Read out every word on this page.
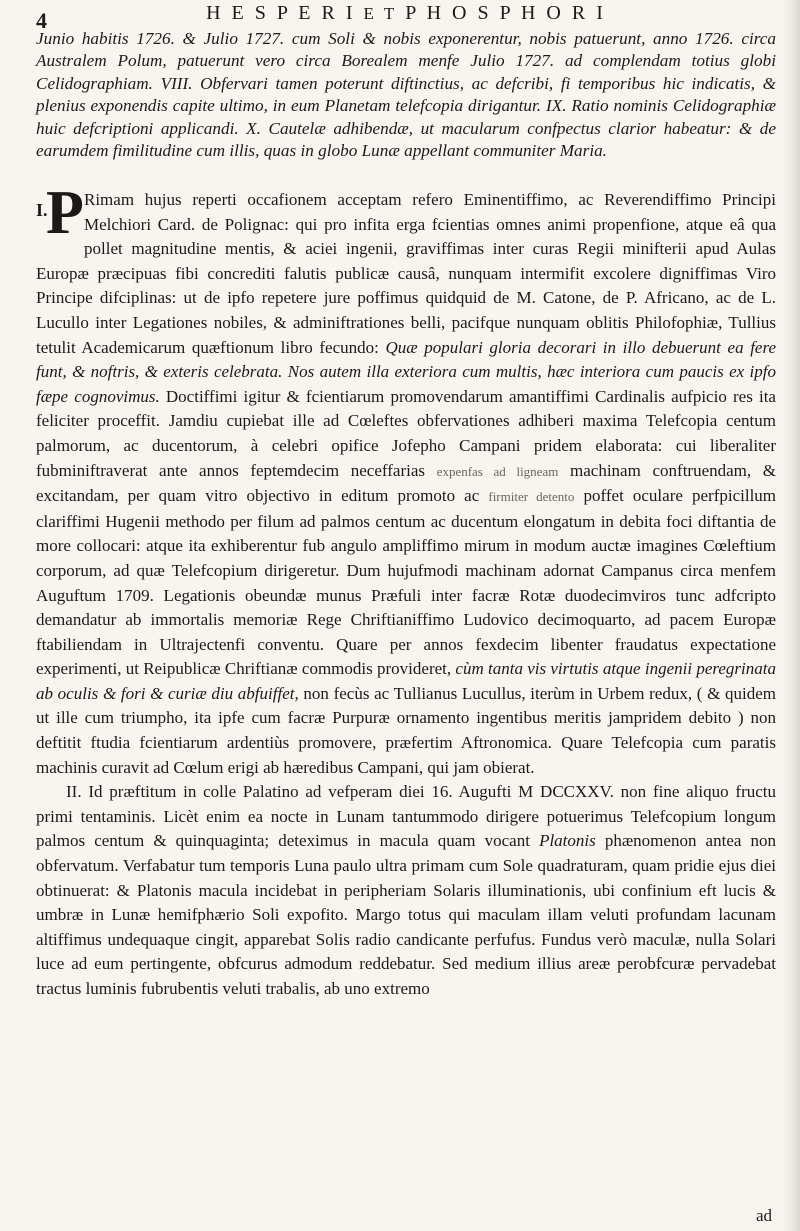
4	H E S P E R I E T P H O S P H O R I

Junio habitis 1726. & Julio 1727. cum Soli & nobis exponerentur, nobis patuerunt, anno 1726. circa Australem Polum, patuerunt vero circa Borealem menfe Julio 1727. ad complendam totius globi Celidographiam. VIII. Obfervari tamen poterunt diftinctius, ac defcribi, fi temporibus hic indicatis, & plenius exponendis capite ultimo, in eum Planetam telefcopia dirigantur. IX. Ratio nominis Celidographiæ huic defcriptioni applicandi. X. Cautelæ adhibendæ, ut macularum confpectus clarior habeatur: & de earumdem fimilitudine cum illis, quas in globo Lunæ appellant communiter Maria.

I.
P Rimam hujus reperti occafionem acceptam refero Eminentiffimo, ac Reverendiffimo Principi Melchiori Card. de Polignac: qui pro infita erga fcientias omnes animi propenfione, atque eâ qua pollet magnitudine mentis, & aciei ingenii, graviffimas inter curas Regii minifterii apud Aulas Europæ præcipuas fibi concrediti falutis publicæ causâ, nunquam intermifit excolere digniffimas Viro Principe difciplinas: ut de ipfo repetere jure poffimus quidquid de M. Catone, de P. Africano, ac de L. Lucullo inter Legationes nobiles, & adminiftrationes belli, pacifque nunquam oblitis Philofophiæ, Tullius tetulit Academicarum quæftionum libro fecundo: Quæ populari gloria decorari in illo debuerunt ea fere funt, & noftris, & exteris celebrata. Nos autem illa exteriora cum multis, hæc interiora cum paucis ex ipfo fæpe cognovimus. Doctiffimi igitur & fcientiarum promovendarum amantiffimi Cardinalis aufpicio res ita feliciter proceffit. Jamdiu cupiebat ille ad Cœleftes obfervationes adhiberi maxima Telefcopia centum palmorum, ac ducentorum, à celebri opifice Jofepho Campani pridem elaborata: cui liberaliter fubminiftraverat ante annos feptemdecim neceffarias expenfas ad ligneam machinam conftruendam, & excitandam, per quam vitro objectivo in editum promoto ac firmiter detento poffet oculare perfpicillum clariffimi Hugenii methodo per filum ad palmos centum ac ducentum elongatum in debita foci diftantia de more collocari: atque ita exhiberentur fub angulo ampliffimo mirum in modum auctæ imagines Cœleftium corporum, ad quæ Telefcopium dirigeretur. Dum hujufmodi machinam adornat Campanus circa menfem Auguftum 1709. Legationis obeundæ munus Præfuli inter facræ Rotæ duodecimviros tunc adfcripto demandatur ab immortalis memoriæ Rege Chriftianiffimo Ludovico decimoquarto, ad pacem Europæ ftabiliendam in Ultrajectenfi conventu. Quare per annos fexdecim libenter fraudatus expectatione experimenti, ut Reipublicæ Chriftianæ commodis provideret, cùm tanta vis virtutis atque ingenii peregrinata ab oculis & fori & curiæ diu abfuiffet, non fecùs ac Tullianus Lucullus, iterùm in Urbem redux, ( & quidem ut ille cum triumpho, ita ipfe cum facræ Purpuræ ornamento ingentibus meritis jampridem debito ) non deftitit ftudia fcientiarum ardentiùs promovere, præfertim Aftronomica. Quare Telefcopia cum paratis machinis curavit ad Cœlum erigi ab hæredibus Campani, qui jam obierat.

II. Id præftitum in colle Palatino ad vefperam diei 16. Augufti M DCCXXV. non fine aliquo fructu primi tentaminis. Licèt enim ea nocte in Lunam tantummodo dirigere potuerimus Telefcopium longum palmos centum & quinquaginta; deteximus in macula quam vocant Platonis phænomenon antea non obfervatum. Verfabatur tum temporis Luna paulo ultra primam cum Sole quadraturam, quam pridie ejus diei obtinuerat: & Platonis macula incidebat in peripheriam Solaris illuminationis, ubi confinium eft lucis & umbræ in Lunæ hemifphærio Soli expofito. Margo totus qui maculam illam veluti profundam lacunam altiffimus undequaque cingit, apparebat Solis radio candicante perfufus. Fundus verò maculæ, nulla Solari luce ad eum pertingente, obfcurus admodum reddebatur. Sed medium illius areæ perobfcuræ pervadebat tractus luminis fubrubentis veluti trabalis, ab uno extremo

ad
